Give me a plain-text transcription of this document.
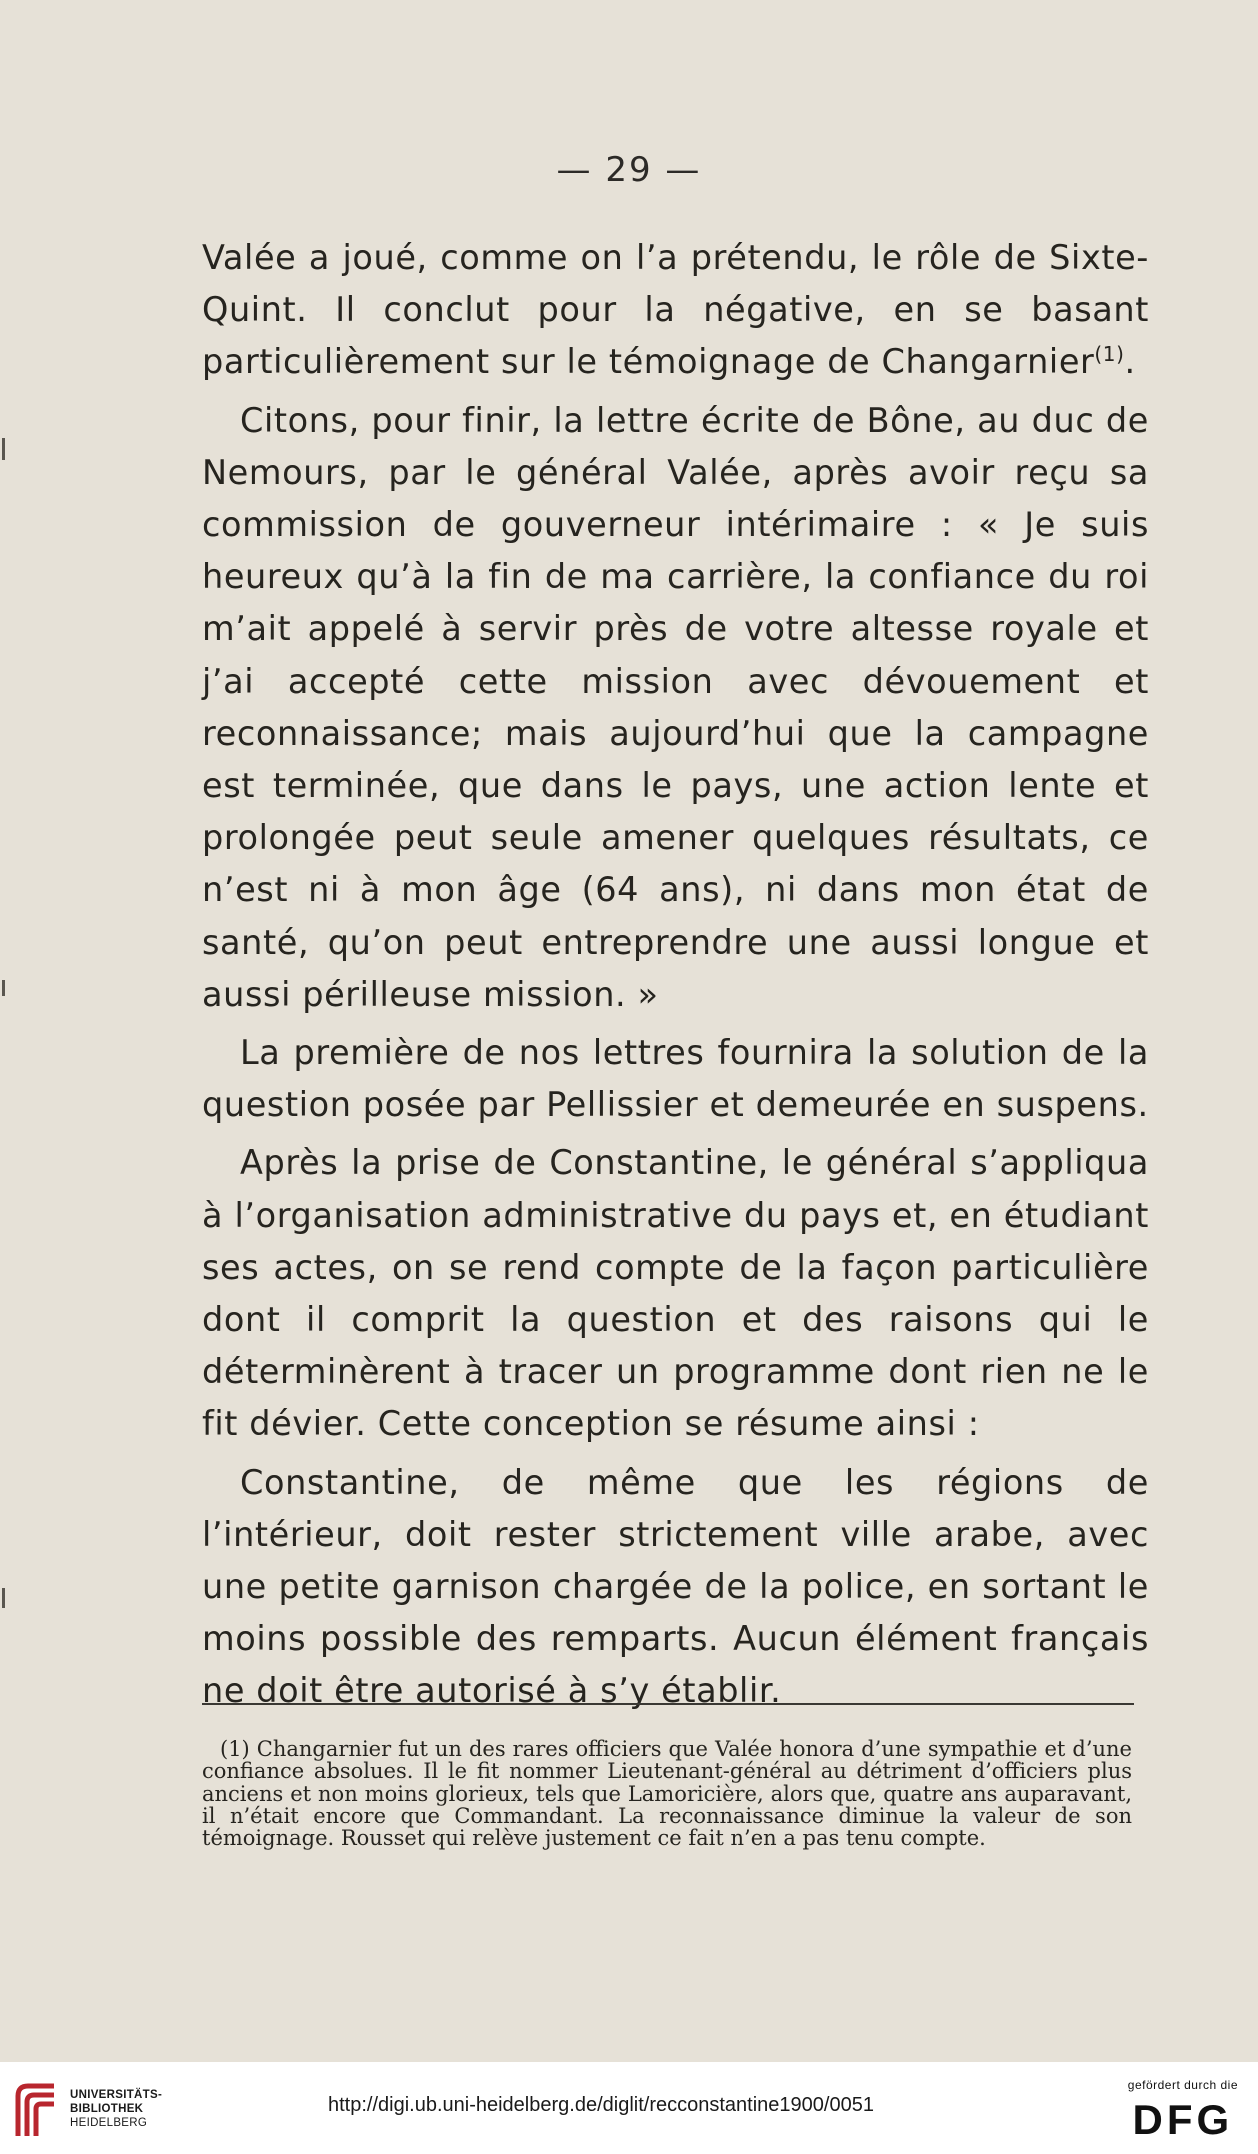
— 29 —

Valée a joué, comme on l’a prétendu, le rôle de Sixte-Quint. Il conclut pour la négative, en se basant particulièrement sur le témoignage de Changarnier$^{(1)}$.

Citons, pour finir, la lettre écrite de Bône, au duc de Nemours, par le général Valée, après avoir reçu sa commission de gouverneur intérimaire : « Je suis heureux qu’à la fin de ma carrière, la confiance du roi m’ait appelé à servir près de votre altesse royale et j’ai accepté cette mission avec dévouement et reconnaissance; mais aujourd’hui que la campagne est terminée, que dans le pays, une action lente et prolongée peut seule amener quelques résultats, ce n’est ni à mon âge (64 ans), ni dans mon état de santé, qu’on peut entreprendre une aussi longue et aussi périlleuse mission. »

La première de nos lettres fournira la solution de la question posée par Pellissier et demeurée en suspens.

Après la prise de Constantine, le général s’appliqua à l’organisation administrative du pays et, en étudiant ses actes, on se rend compte de la façon particulière dont il comprit la question et des raisons qui le déterminèrent à tracer un programme dont rien ne le fit dévier. Cette conception se résume ainsi :

Constantine, de même que les régions de l’intérieur, doit rester strictement ville arabe, avec une petite garnison chargée de la police, en sortant le moins possible des remparts. Aucun élément français ne doit être autorisé à s’y établir.

(1) Changarnier fut un des rares officiers que Valée honora d’une sympathie et d’une confiance absolues. Il le fit nommer Lieutenant-général au détriment d’officiers plus anciens et non moins glorieux, tels que Lamoricière, alors que, quatre ans auparavant, il n’était encore que Commandant. La reconnaissance diminue la valeur de son témoignage. Rousset qui relève justement ce fait n’en a pas tenu compte.
UNIVERSITÄTS-
BIBLIOTHEK
HEIDELBERG
http://digi.ub.uni-heidelberg.de/diglit/recconstantine1900/0051
gefördert durch die
DFG
